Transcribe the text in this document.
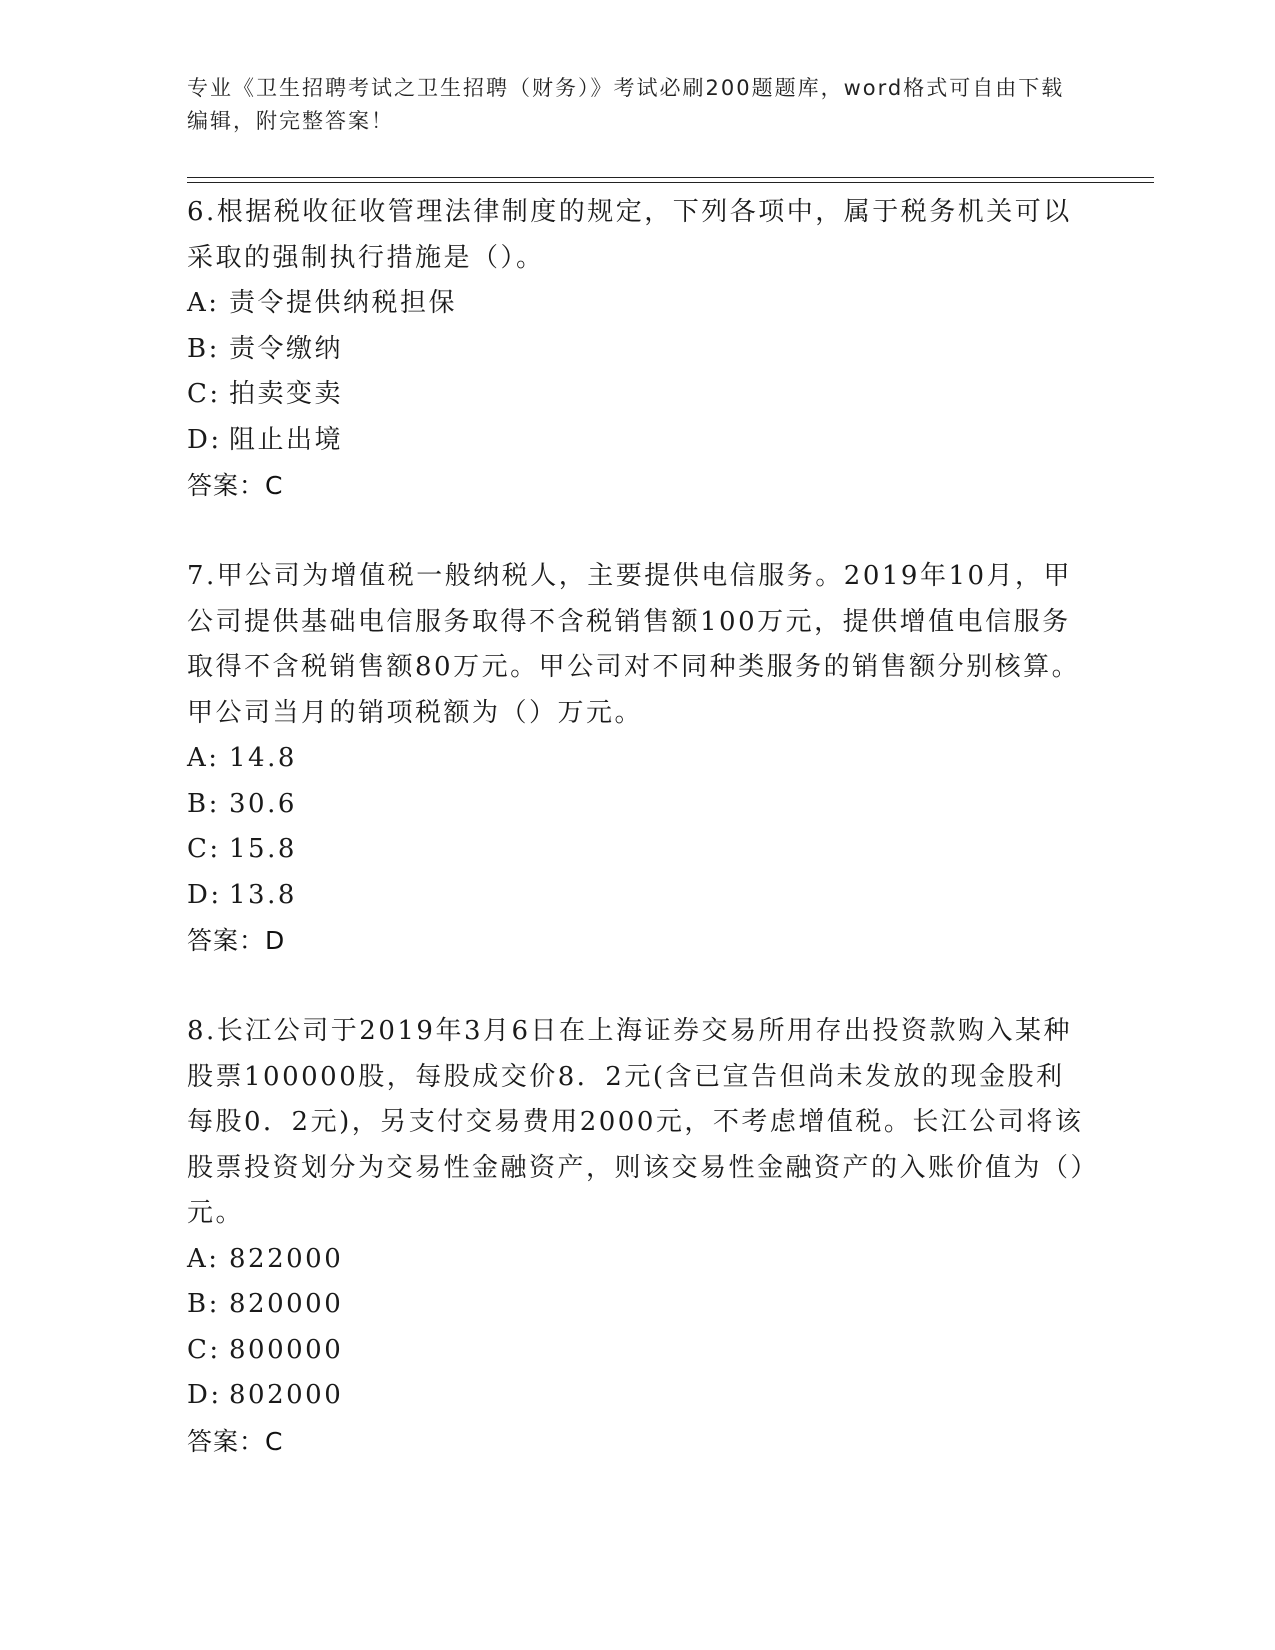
专业《卫生招聘考试之卫生招聘（财务）》考试必刷200题题库，word格式可自由下载编辑，附完整答案！

6.根据税收征收管理法律制度的规定，下列各项中，属于税务机关可以采取的强制执行措施是（）。

A: 责令提供纳税担保

B: 责令缴纳

C: 拍卖变卖

D: 阻止出境

答案：C

7.甲公司为增值税一般纳税人，主要提供电信服务。2019年10月，甲公司提供基础电信服务取得不含税销售额100万元，提供增值电信服务取得不含税销售额80万元。甲公司对不同种类服务的销售额分别核算。甲公司当月的销项税额为（）万元。

A: 14.8

B: 30.6

C: 15.8

D: 13.8

答案：D

8.长江公司于2019年3月6日在上海证券交易所用存出投资款购入某种股票100000股，每股成交价8．2元(含已宣告但尚未发放的现金股利每股0．2元)，另支付交易费用2000元，不考虑增值税。长江公司将该股票投资划分为交易性金融资产，则该交易性金融资产的入账价值为（）元。

A: 822000

B: 820000

C: 800000

D: 802000

答案：C
